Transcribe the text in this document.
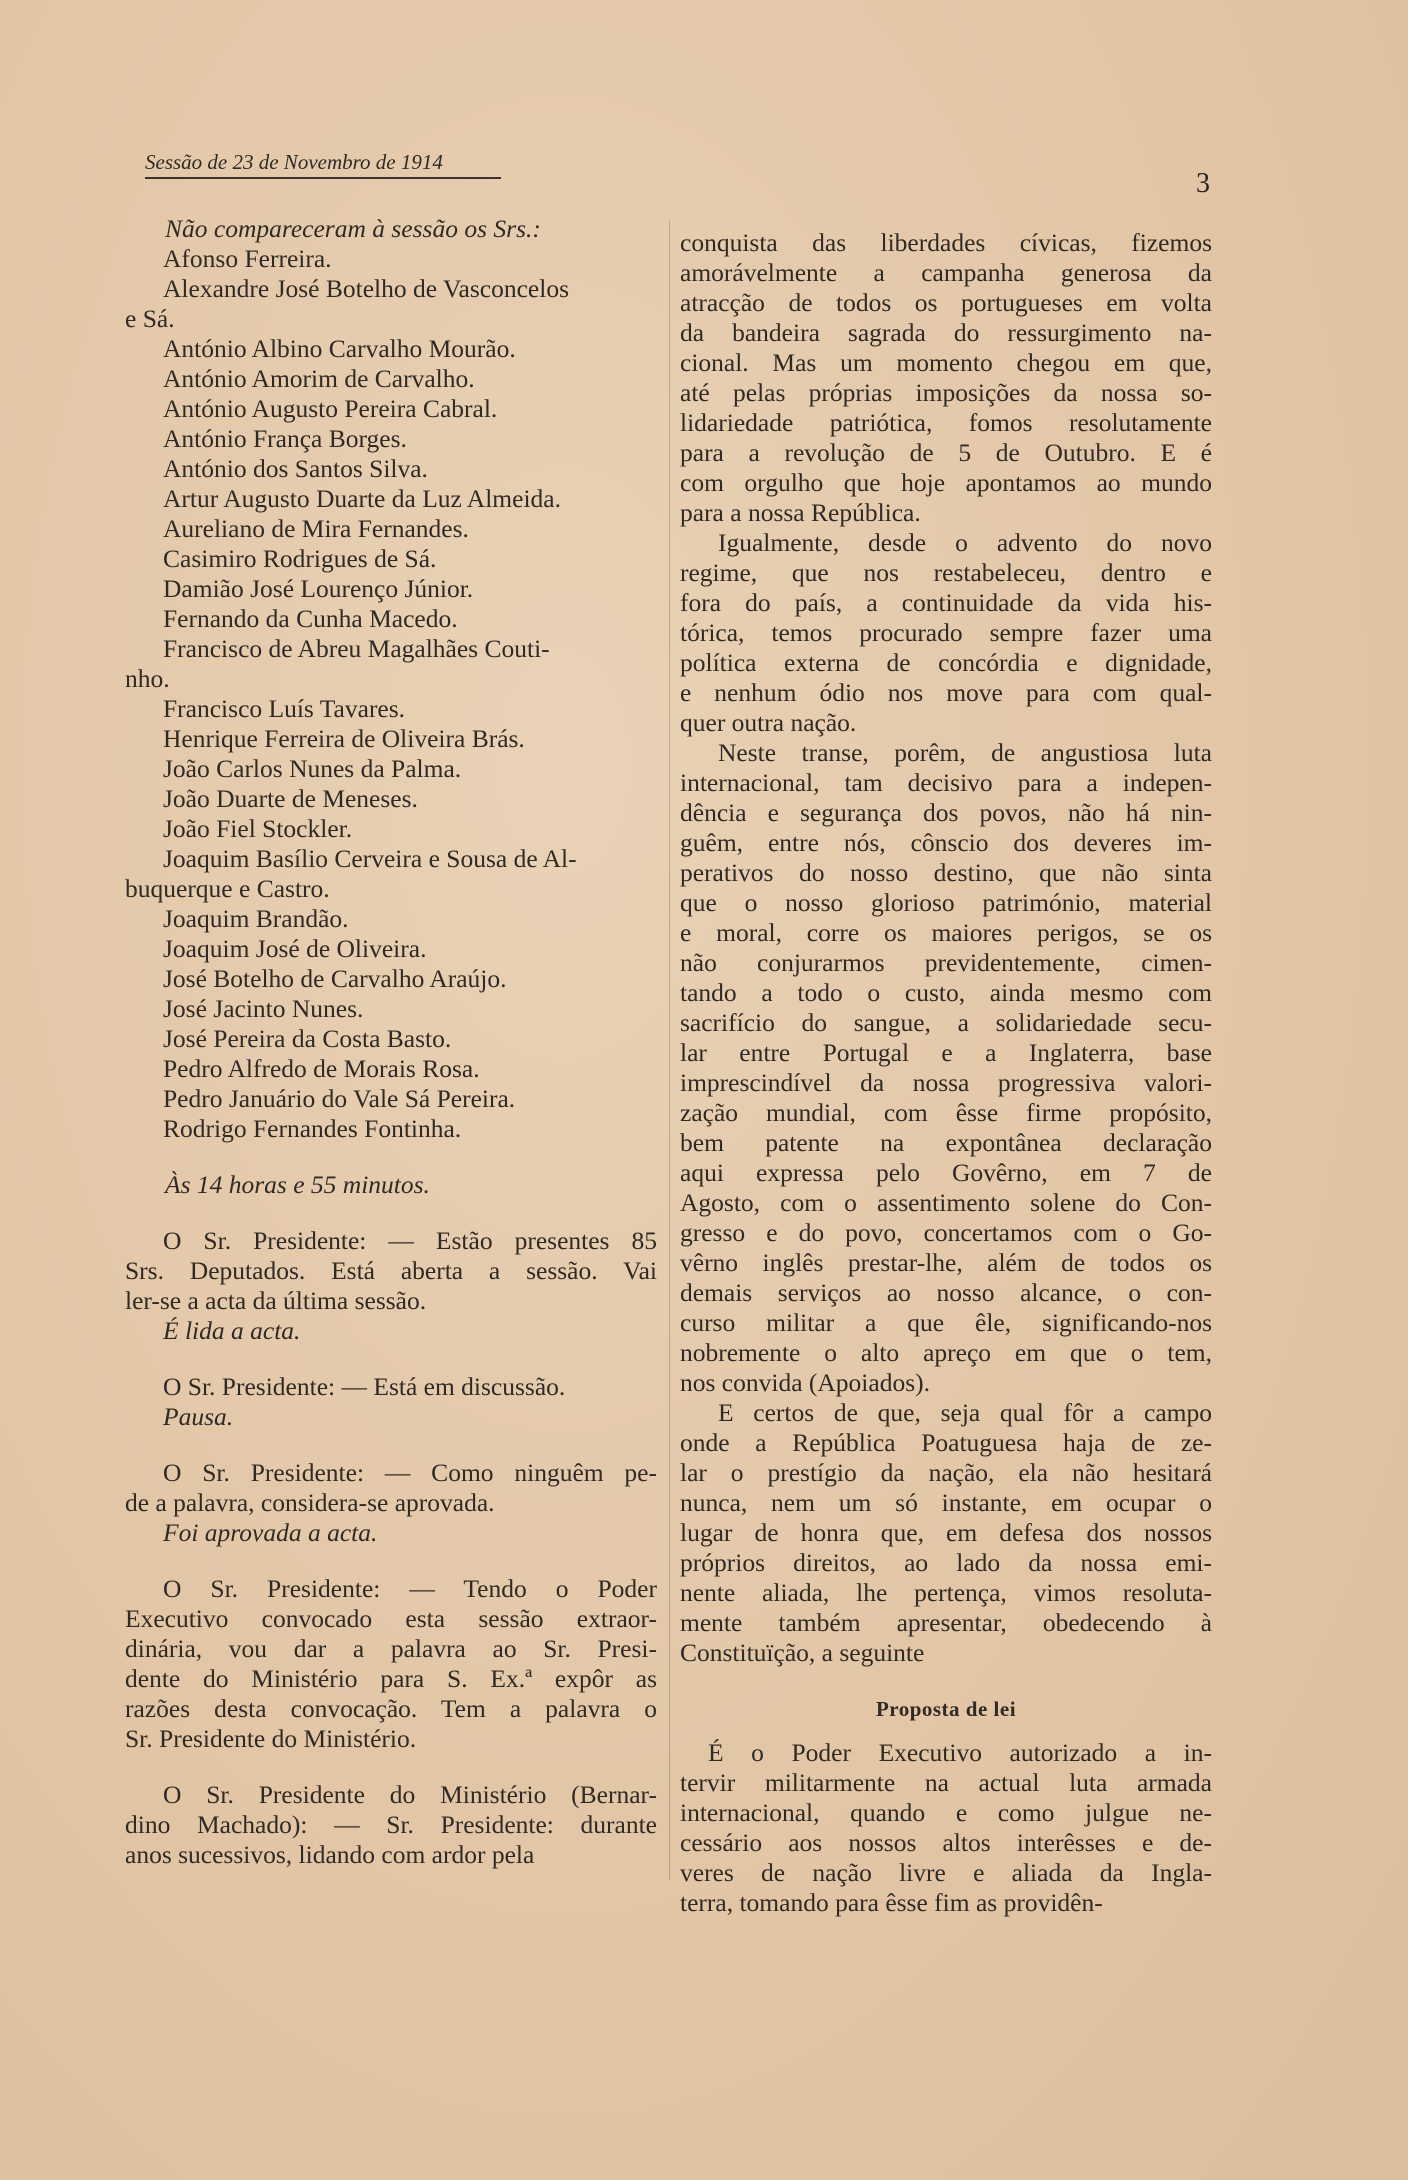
Sessão de 23 de Novembro de 1914
3
Não compareceram à sessão os Srs.:
Afonso Ferreira.
Alexandre José Botelho de Vasconcelos
e Sá.
António Albino Carvalho Mourão.
António Amorim de Carvalho.
António Augusto Pereira Cabral.
António França Borges.
António dos Santos Silva.
Artur Augusto Duarte da Luz Almeida.
Aureliano de Mira Fernandes.
Casimiro Rodrigues de Sá.
Damião José Lourenço Júnior.
Fernando da Cunha Macedo.
Francisco de Abreu Magalhães Couti-
nho.
Francisco Luís Tavares.
Henrique Ferreira de Oliveira Brás.
João Carlos Nunes da Palma.
João Duarte de Meneses.
João Fiel Stockler.
Joaquim Basílio Cerveira e Sousa de Al-
buquerque e Castro.
Joaquim Brandão.
Joaquim José de Oliveira.
José Botelho de Carvalho Araújo.
José Jacinto Nunes.
José Pereira da Costa Basto.
Pedro Alfredo de Morais Rosa.
Pedro Januário do Vale Sá Pereira.
Rodrigo Fernandes Fontinha.
Às 14 horas e 55 minutos.
O Sr. Presidente: — Estão presentes 85
Srs. Deputados. Está aberta a sessão. Vai
ler-se a acta da última sessão.
É lida a acta.
O Sr. Presidente: — Está em discussão.
Pausa.
O Sr. Presidente: — Como ninguêm pe-
de a palavra, considera-se aprovada.
Foi aprovada a acta.
O Sr. Presidente: — Tendo o Poder
Executivo convocado esta sessão extraor-
dinária, vou dar a palavra ao Sr. Presi-
dente do Ministério para S. Ex.ª expôr as
razões desta convocação. Tem a palavra o
Sr. Presidente do Ministério.
O Sr. Presidente do Ministério (Bernar-
dino Machado): — Sr. Presidente: durante
anos sucessivos, lidando com ardor pela
conquista das liberdades cívicas, fizemos
amorávelmente a campanha generosa da
atracção de todos os portugueses em volta
da bandeira sagrada do ressurgimento na-
cional. Mas um momento chegou em que,
até pelas próprias imposições da nossa so-
lidariedade patriótica, fomos resolutamente
para a revolução de 5 de Outubro. E é
com orgulho que hoje apontamos ao mundo
para a nossa República.
Igualmente, desde o advento do novo
regime, que nos restabeleceu, dentro e
fora do país, a continuidade da vida his-
tórica, temos procurado sempre fazer uma
política externa de concórdia e dignidade,
e nenhum ódio nos move para com qual-
quer outra nação.
Neste transe, porêm, de angustiosa luta
internacional, tam decisivo para a indepen-
dência e segurança dos povos, não há nin-
guêm, entre nós, cônscio dos deveres im-
perativos do nosso destino, que não sinta
que o nosso glorioso património, material
e moral, corre os maiores perigos, se os
não conjurarmos previdentemente, cimen-
tando a todo o custo, ainda mesmo com
sacrifício do sangue, a solidariedade secu-
lar entre Portugal e a Inglaterra, base
imprescindível da nossa progressiva valori-
zação mundial, com êsse firme propósito,
bem patente na expontânea declaração
aqui expressa pelo Govêrno, em 7 de
Agosto, com o assentimento solene do Con-
gresso e do povo, concertamos com o Go-
vêrno inglês prestar-lhe, além de todos os
demais serviços ao nosso alcance, o con-
curso militar a que êle, significando-nos
nobremente o alto apreço em que o tem,
nos convida (Apoiados).
E certos de que, seja qual fôr a campo
onde a República Poatuguesa haja de ze-
lar o prestígio da nação, ela não hesitará
nunca, nem um só instante, em ocupar o
lugar de honra que, em defesa dos nossos
próprios direitos, ao lado da nossa emi-
nente aliada, lhe pertença, vimos resoluta-
mente também apresentar, obedecendo à
Constituïção, a seguinte
Proposta de lei
É o Poder Executivo autorizado a in-
tervir militarmente na actual luta armada
internacional, quando e como julgue ne-
cessário aos nossos altos interêsses e de-
veres de nação livre e aliada da Ingla-
terra, tomando para êsse fim as providên-
